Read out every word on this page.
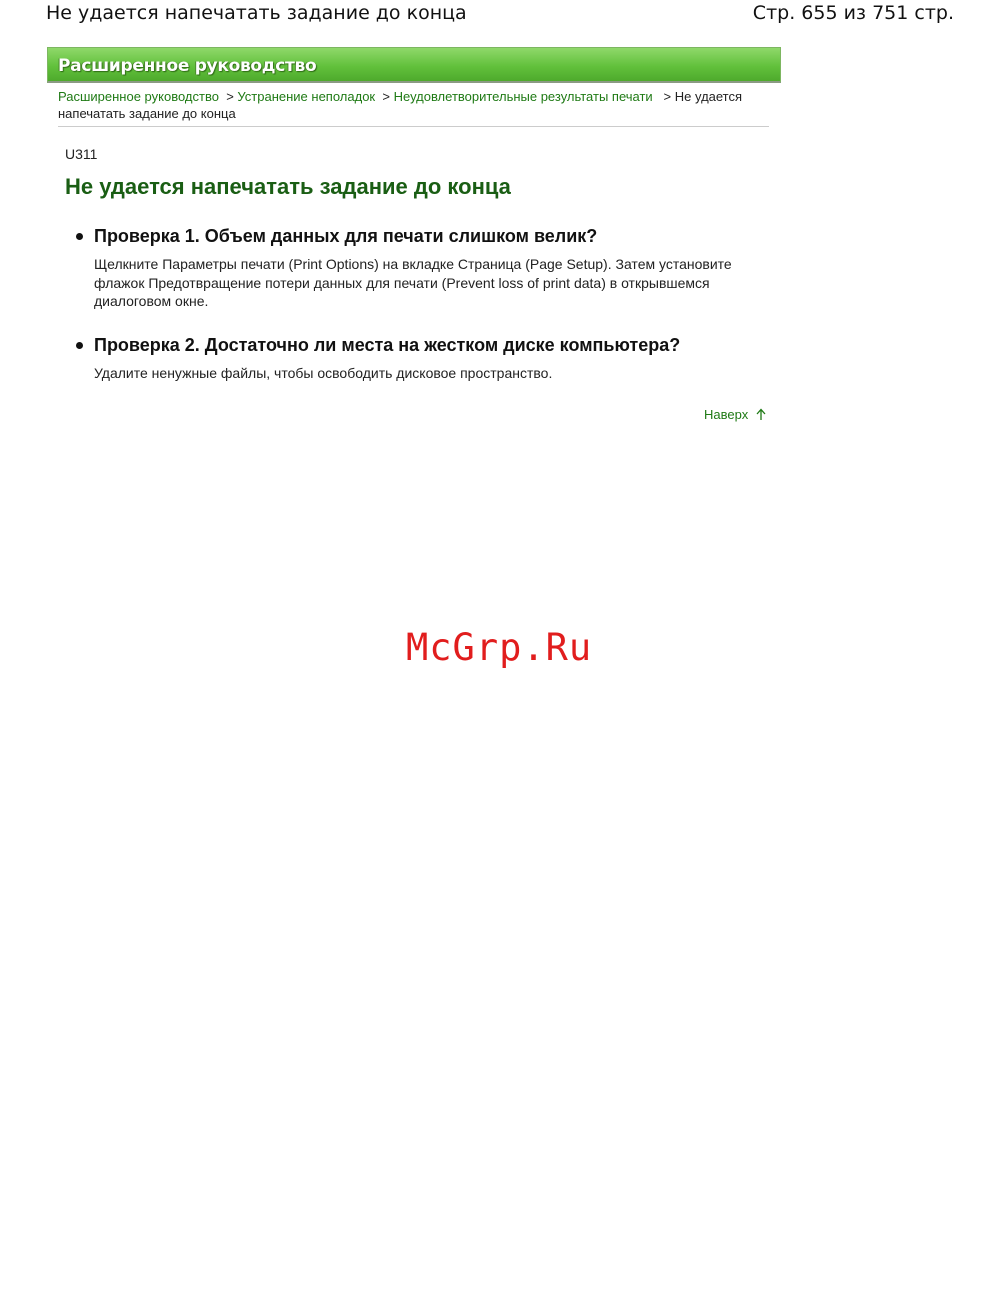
Не удается напечатать задание до конца	Стр. 655 из 751 стр.
Расширенное руководство
Расширенное руководство > Устранение неполадок > Неудовлетворительные результаты печати > Не удается напечатать задание до конца
U311
Не удается напечатать задание до конца
Проверка 1. Объем данных для печати слишком велик?
Щелкните Параметры печати (Print Options) на вкладке Страница (Page Setup). Затем установите флажок Предотвращение потери данных для печати (Prevent loss of print data) в открывшемся диалоговом окне.
Проверка 2. Достаточно ли места на жестком диске компьютера?
Удалите ненужные файлы, чтобы освободить дисковое пространство.
Наверх
McGrp.Ru
